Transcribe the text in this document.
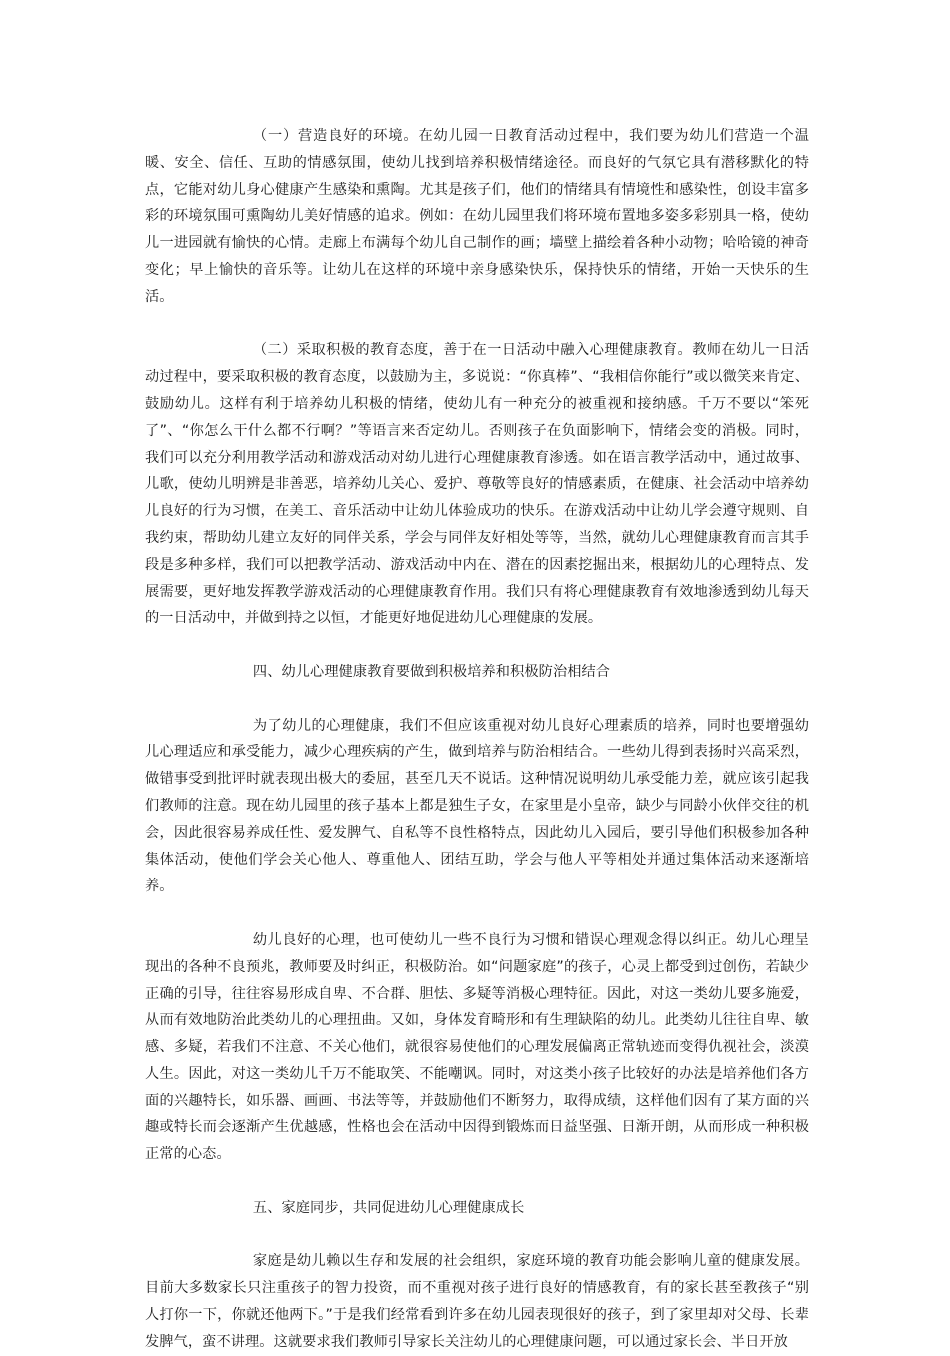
（一）营造良好的环境。在幼儿园一日教育活动过程中，我们要为幼儿们营造一个温暖、安全、信任、互助的情感氛围，使幼儿找到培养积极情绪途径。而良好的气氛它具有潜移默化的特点，它能对幼儿身心健康产生感染和熏陶。尤其是孩子们，他们的情绪具有情境性和感染性，创设丰富多彩的环境氛围可熏陶幼儿美好情感的追求。例如：在幼儿园里我们将环境布置地多姿多彩别具一格，使幼儿一进园就有愉快的心情。走廊上布满每个幼儿自己制作的画；墙壁上描绘着各种小动物；哈哈镜的神奇变化；早上愉快的音乐等。让幼儿在这样的环境中亲身感染快乐，保持快乐的情绪，开始一天快乐的生活。

（二）采取积极的教育态度，善于在一日活动中融入心理健康教育。教师在幼儿一日活动过程中，要采取积极的教育态度，以鼓励为主，多说说：“你真棒”、“我相信你能行”或以微笑来肯定、鼓励幼儿。这样有利于培养幼儿积极的情绪，使幼儿有一种充分的被重视和接纳感。千万不要以“笨死了”、“你怎么干什么都不行啊？”等语言来否定幼儿。否则孩子在负面影响下，情绪会变的消极。同时，我们可以充分利用教学活动和游戏活动对幼儿进行心理健康教育渗透。如在语言教学活动中，通过故事、儿歌，使幼儿明辨是非善恶，培养幼儿关心、爱护、尊敬等良好的情感素质，在健康、社会活动中培养幼儿良好的行为习惯，在美工、音乐活动中让幼儿体验成功的快乐。在游戏活动中让幼儿学会遵守规则、自我约束，帮助幼儿建立友好的同伴关系，学会与同伴友好相处等等，当然，就幼儿心理健康教育而言其手段是多种多样，我们可以把教学活动、游戏活动中内在、潜在的因素挖掘出来，根据幼儿的心理特点、发展需要，更好地发挥教学游戏活动的心理健康教育作用。我们只有将心理健康教育有效地渗透到幼儿每天的一日活动中，并做到持之以恒，才能更好地促进幼儿心理健康的发展。

四、幼儿心理健康教育要做到积极培养和积极防治相结合

为了幼儿的心理健康，我们不但应该重视对幼儿良好心理素质的培养，同时也要增强幼儿心理适应和承受能力，减少心理疾病的产生，做到培养与防治相结合。一些幼儿得到表扬时兴高采烈，做错事受到批评时就表现出极大的委屈，甚至几天不说话。这种情况说明幼儿承受能力差，就应该引起我们教师的注意。现在幼儿园里的孩子基本上都是独生子女，在家里是小皇帝，缺少与同龄小伙伴交往的机会，因此很容易养成任性、爱发脾气、自私等不良性格特点，因此幼儿入园后，要引导他们积极参加各种集体活动，使他们学会关心他人、尊重他人、团结互助，学会与他人平等相处并通过集体活动来逐渐培养。

幼儿良好的心理，也可使幼儿一些不良行为习惯和错误心理观念得以纠正。幼儿心理呈现出的各种不良预兆，教师要及时纠正，积极防治。如“问题家庭”的孩子，心灵上都受到过创伤，若缺少正确的引导，往往容易形成自卑、不合群、胆怯、多疑等消极心理特征。因此，对这一类幼儿要多施爱，从而有效地防治此类幼儿的心理扭曲。又如，身体发育畸形和有生理缺陷的幼儿。此类幼儿往往自卑、敏感、多疑，若我们不注意、不关心他们，就很容易使他们的心理发展偏离正常轨迹而变得仇视社会，淡漠人生。因此，对这一类幼儿千万不能取笑、不能嘲讽。同时，对这类小孩子比较好的办法是培养他们各方面的兴趣特长，如乐器、画画、书法等等，并鼓励他们不断努力，取得成绩，这样他们因有了某方面的兴趣或特长而会逐渐产生优越感，性格也会在活动中因得到锻炼而日益坚强、日渐开朗，从而形成一种积极正常的心态。

五、家庭同步，共同促进幼儿心理健康成长

家庭是幼儿赖以生存和发展的社会组织，家庭环境的教育功能会影响儿童的健康发展。目前大多数家长只注重孩子的智力投资，而不重视对孩子进行良好的情感教育，有的家长甚至教孩子“别人打你一下，你就还他两下。”于是我们经常看到许多在幼儿园表现很好的孩子，到了家里却对父母、长辈发脾气，蛮不讲理。这就要求我们教师引导家长关注幼儿的心理健康问题，可以通过家长会、半日开放
